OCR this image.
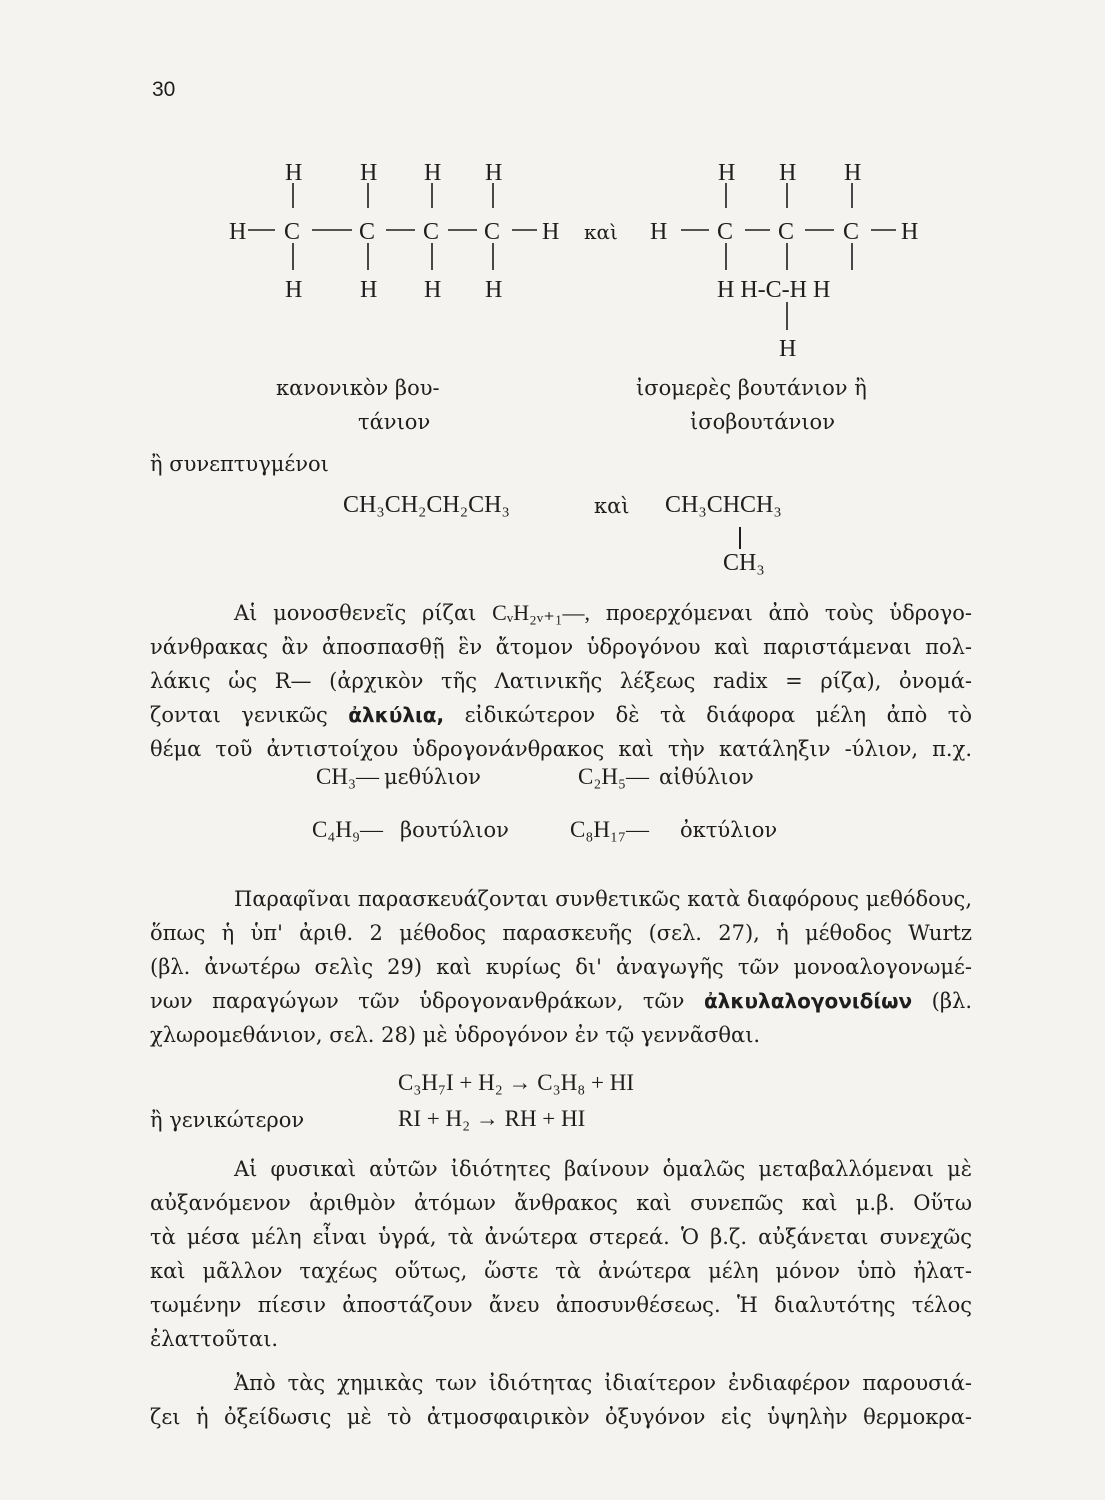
30
H H H H
H C C C C H
H H H H
καὶ
H H H
H C C C H
H H-C-H H
H
κανονικὸν βου-
τάνιον
ἰσομερὲς βουτάνιον ἢ
ἰσοβουτάνιον
ἢ συνεπτυγμένοι
CH₃CH₂CH₂CH₃	καὶ CH₃CHCH₃
CH₃
Αἱ μονοσθενεῖς ρίζαι CᵥH₂ᵥ₊₁—, προερχόμεναι ἀπὸ τοὺς ὑδρογο-
νάνθρακας ἂν ἀποσπασθῇ ἓν ἄτομον ὑδρογόνου καὶ παριστάμεναι πολ-
λάκις ὡς R— (ἀρχικὸν τῆς Λατινικῆς λέξεως radix = ρίζα), ὀνομά-
ζονται γενικῶς ἀλκύλια, εἰδικώτερον δὲ τὰ διάφορα μέλη ἀπὸ τὸ
θέμα τοῦ ἀντιστοίχου ὑδρογονάνθρακος καὶ τὴν κατάληξιν -ύλιον, π.χ.
CH₃— μεθύλιον	C₂H₅— αἰθύλιον
C₄H₉— βουτύλιον	C₈H₁₇— ὀκτύλιον
Παραφῖναι παρασκευάζονται συνθετικῶς κατὰ διαφόρους μεθόδους,
ὅπως ἡ ὑπ' ἀριθ. 2 μέθοδος παρασκευῆς (σελ. 27), ἡ μέθοδος Wurtz
(βλ. ἀνωτέρω σελὶς 29) καὶ κυρίως δι' ἀναγωγῆς τῶν μονοαλογονωμέ-
νων παραγώγων τῶν ὑδρογονανθράκων, τῶν ἀλκυλαλογονιδίων (βλ.
χλωρομεθάνιον, σελ. 28) μὲ ὑδρογόνον ἐν τῷ γεννᾶσθαι.
C₃H₇I + H₂ → C₃H₈ + HI
ἢ γενικώτερον	RI + H₂ → RH + HI
Αἱ φυσικαὶ αὐτῶν ἰδιότητες βαίνουν ὁμαλῶς μεταβαλλόμεναι μὲ
αὐξανόμενον ἀριθμὸν ἀτόμων ἄνθρακος καὶ συνεπῶς καὶ μ.β. Οὕτω
τὰ μέσα μέλη εἶναι ὑγρά, τὰ ἀνώτερα στερεά. Ὁ β.ζ. αὐξάνεται συνεχῶς
καὶ μᾶλλον ταχέως οὕτως, ὥστε τὰ ἀνώτερα μέλη μόνον ὑπὸ ἠλατ-
τωμένην πίεσιν ἀποστάζουν ἄνευ ἀποσυνθέσεως. Ἡ διαλυτότης τέλος
ἐλαττοῦται.
Ἀπὸ τὰς χημικὰς των ἰδιότητας ἰδιαίτερον ἐνδιαφέρον παρουσιά-
ζει ἡ ὀξείδωσις μὲ τὸ ἀτμοσφαιρικὸν ὀξυγόνον εἰς ὑψηλὴν θερμοκρα-
